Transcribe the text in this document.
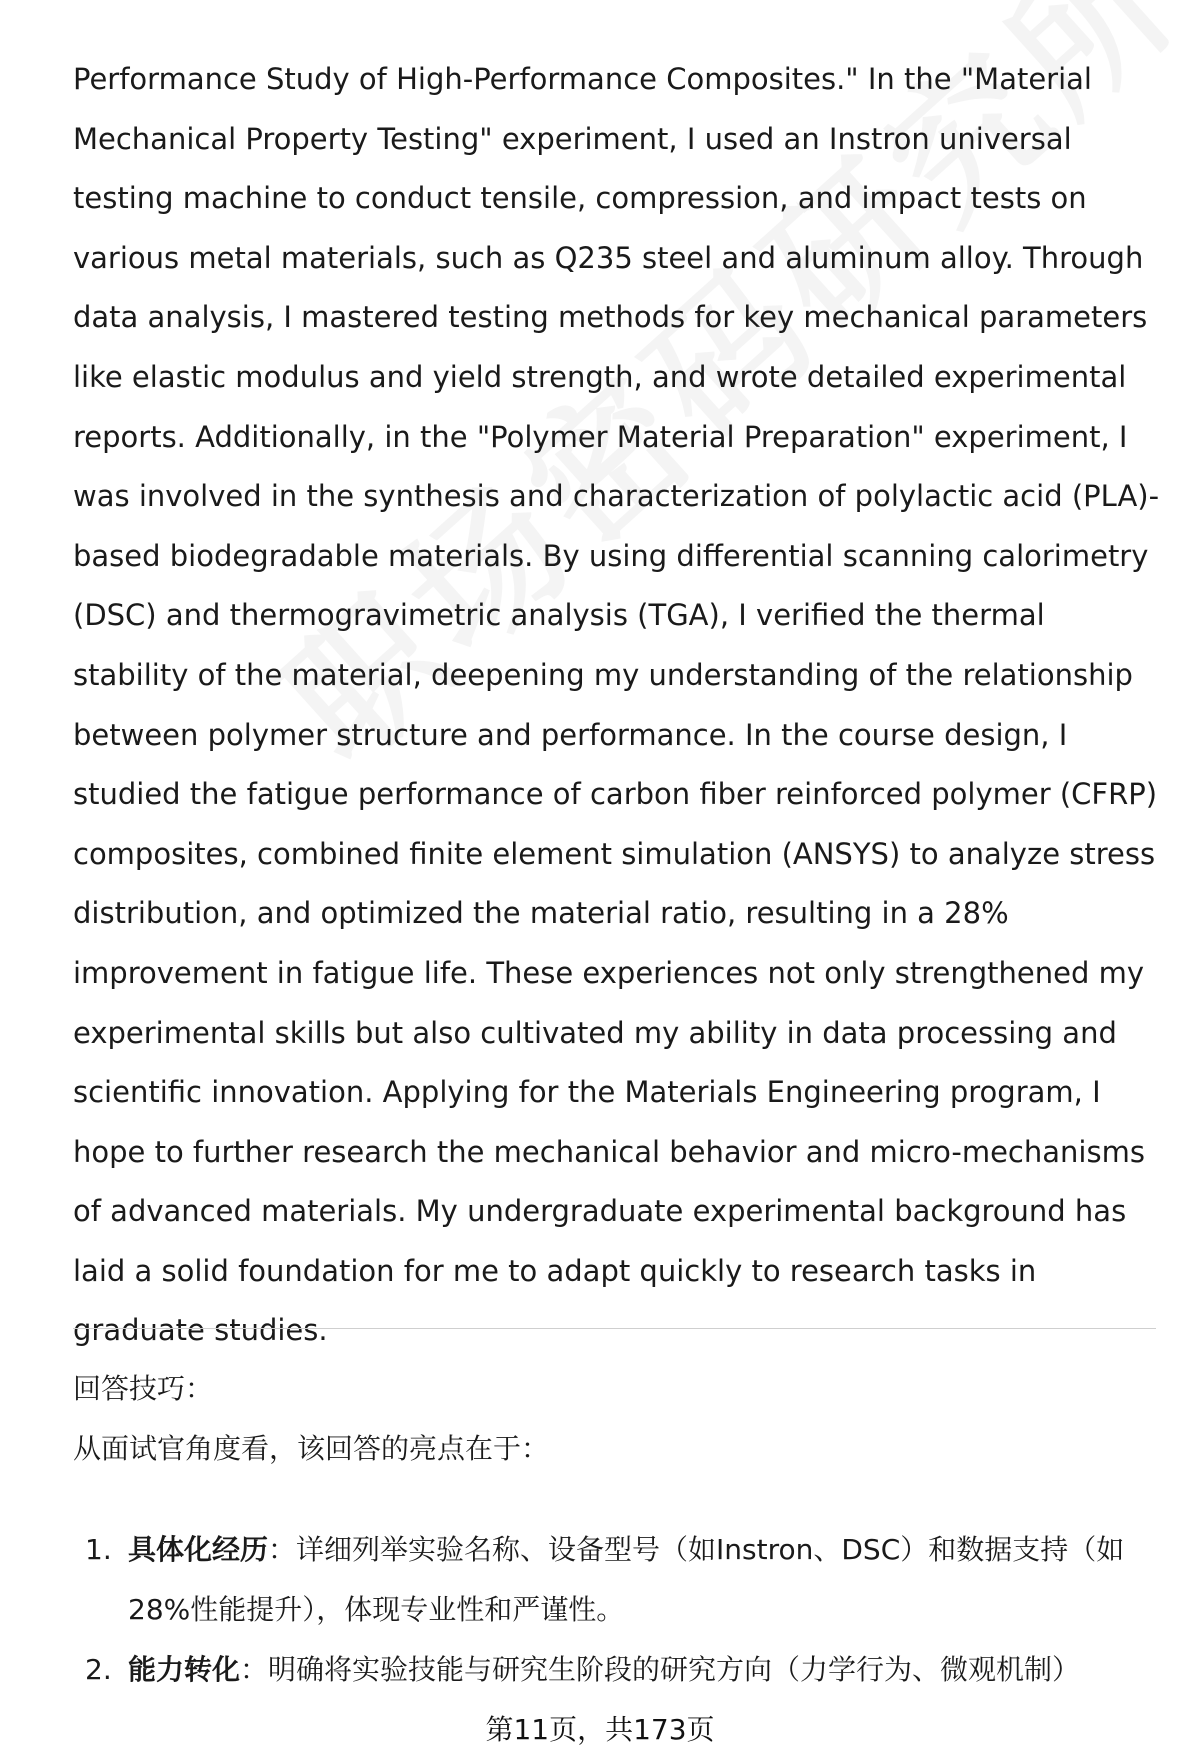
Performance Study of High-Performance Composites." In the "Material Mechanical Property Testing" experiment, I used an Instron universal testing machine to conduct tensile, compression, and impact tests on various metal materials, such as Q235 steel and aluminum alloy. Through data analysis, I mastered testing methods for key mechanical parameters like elastic modulus and yield strength, and wrote detailed experimental reports. Additionally, in the "Polymer Material Preparation" experiment, I was involved in the synthesis and characterization of polylactic acid (PLA)-based biodegradable materials. By using differential scanning calorimetry (DSC) and thermogravimetric analysis (TGA), I verified the thermal stability of the material, deepening my understanding of the relationship between polymer structure and performance. In the course design, I studied the fatigue performance of carbon fiber reinforced polymer (CFRP) composites, combined finite element simulation (ANSYS) to analyze stress distribution, and optimized the material ratio, resulting in a 28% improvement in fatigue life. These experiences not only strengthened my experimental skills but also cultivated my ability in data processing and scientific innovation. Applying for the Materials Engineering program, I hope to further research the mechanical behavior and micro-mechanisms of advanced materials. My undergraduate experimental background has laid a solid foundation for me to adapt quickly to research tasks in graduate studies.

回答技巧：

从面试官角度看，该回答的亮点在于：

1. 具体化经历：详细列举实验名称、设备型号（如Instron、DSC）和数据支持（如28%性能提升），体现专业性和严谨性。
2. 能力转化：明确将实验技能与研究生阶段的研究方向（力学行为、微观机制）
第11页，共173页
